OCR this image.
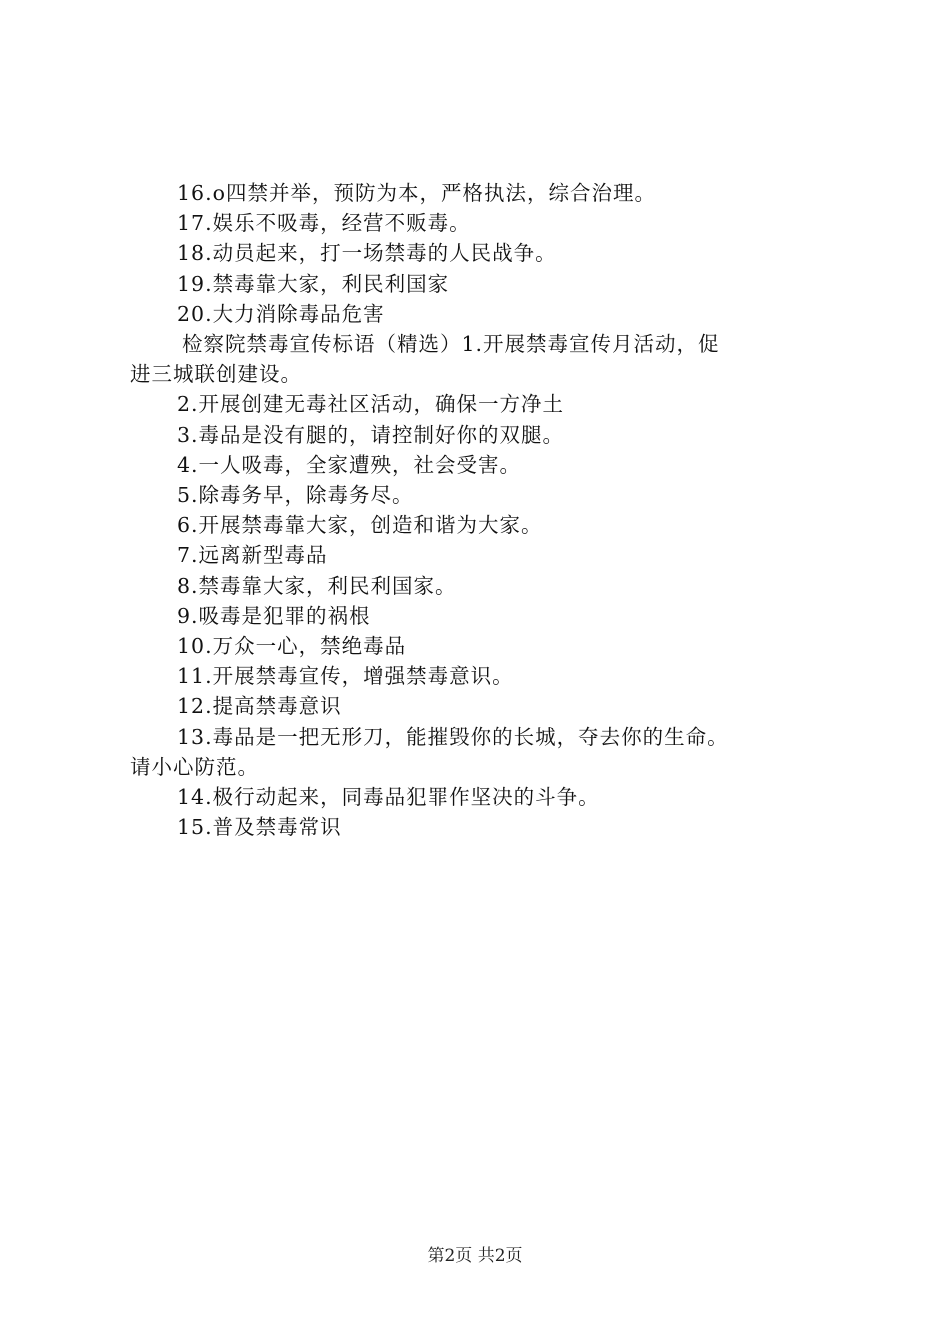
16.ο四禁并举，预防为本，严格执法，综合治理。
17.娱乐不吸毒，经营不贩毒。
18.动员起来，打一场禁毒的人民战争。
19.禁毒靠大家，利民利国家
20.大力消除毒品危害
检察院禁毒宣传标语（精选）1.开展禁毒宣传月活动，促
进三城联创建设。
2.开展创建无毒社区活动，确保一方净土
3.毒品是没有腿的，请控制好你的双腿。
4.一人吸毒，全家遭殃，社会受害。
5.除毒务早，除毒务尽。
6.开展禁毒靠大家，创造和谐为大家。
7.远离新型毒品
8.禁毒靠大家，利民利国家。
9.吸毒是犯罪的祸根
10.万众一心，禁绝毒品
11.开展禁毒宣传，增强禁毒意识。
12.提高禁毒意识
13.毒品是一把无形刀，能摧毁你的长城，夺去你的生命。
请小心防范。
14.极行动起来，同毒品犯罪作坚决的斗争。
15.普及禁毒常识
第2页 共2页
